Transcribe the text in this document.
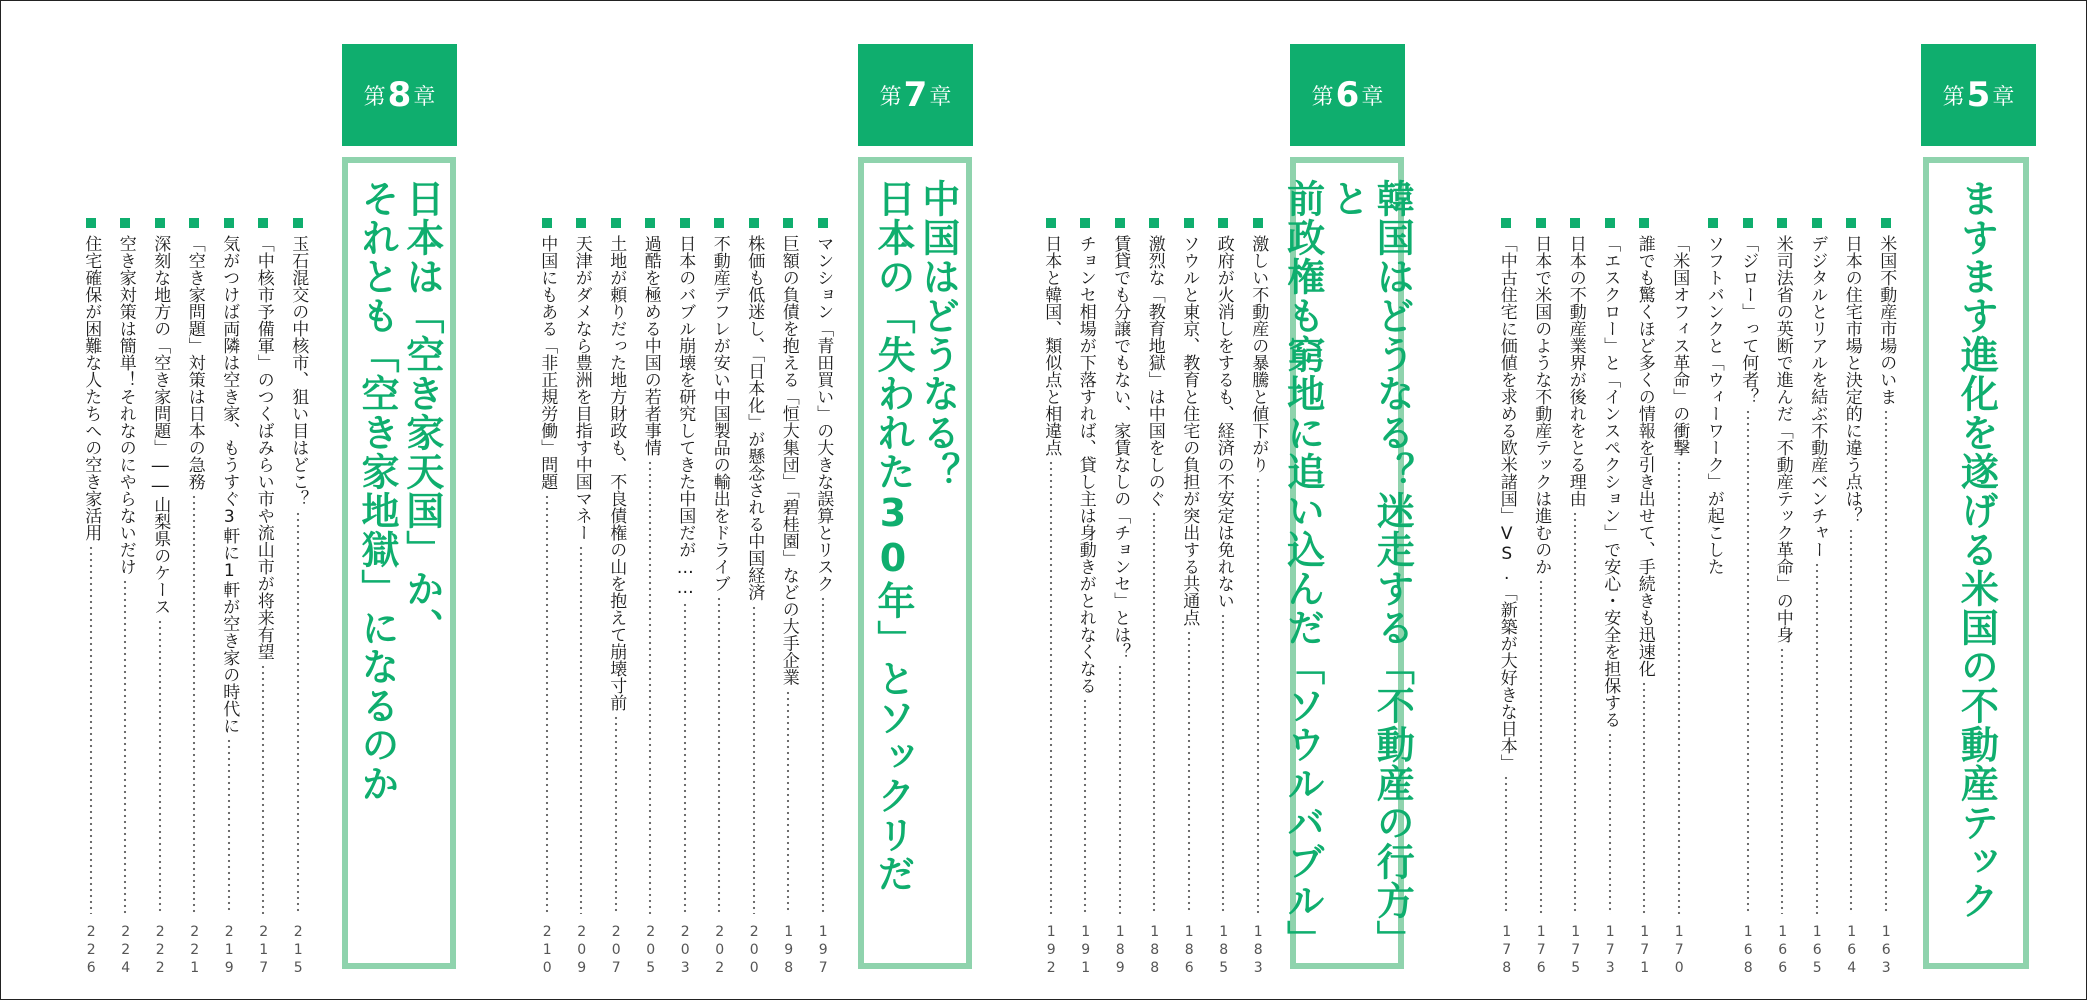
第 5 章
ますます進化を遂げる米国の不動産テック
米国不動産市場のいま
163
日本の住宅市場と決定的に違う点は？
164
デジタルとリアルを結ぶ不動産ベンチャー
165
米司法省の英断で進んだ「不動産テック革命」の中身
166
「ジロー」って何者？
168
ソフトバンクと「ウィーワーク」が起こした
「米国オフィス革命」の衝撃
170
誰でも驚くほど多くの情報を引き出せて、手続きも迅速化
171
「エスクロー」と「インスペクション」で安心・安全を担保する
173
日本の不動産業界が後れをとる理由
175
日本で米国のような不動産テックは進むのか
176
「中古住宅に価値を求める欧米諸国」VS.「新築が大好きな日本」
178
第 6 章
韓国はどうなる？迷走する「不動産の行方」と
前政権も窮地に追い込んだ「ソウルバブル」
激しい不動産の暴騰と値下がり
183
政府が火消しをするも、経済の不安定は免れない
185
ソウルと東京、教育と住宅の負担が突出する共通点
186
激烈な「教育地獄」は中国をしのぐ
188
賃貸でも分譲でもない、家賃なしの「チョンセ」とは？
189
チョンセ相場が下落すれば、貸し主は身動きがとれなくなる
191
日本と韓国、類似点と相違点
192
第 7 章
中国はどうなる？
日本の「失われた30年」とソックリだ
マンション「青田買い」の大きな誤算とリスク
197
巨額の負債を抱える「恒大集団」「碧桂園」などの大手企業
198
株価も低迷し、「日本化」が懸念される中国経済
200
不動産デフレが安い中国製品の輸出をドライブ
202
日本のバブル崩壊を研究してきた中国だが……
203
過酷を極める中国の若者事情
205
土地が頼りだった地方財政も、不良債権の山を抱えて崩壊寸前
207
天津がダメなら豊洲を目指す中国マネー
209
中国にもある「非正規労働」問題
210
第 8 章
日本は「空き家天国」か、
それとも「空き家地獄」になるのか
玉石混交の中核市、狙い目はどこ？
215
「中核市予備軍」のつくばみらい市や流山市が将来有望
217
気がつけば両隣は空き家、もうすぐ3軒に1軒が空き家の時代に
219
「空き家問題」対策は日本の急務
221
深刻な地方の「空き家問題」――山梨県のケース
222
空き家対策は簡単！それなのにやらないだけ
224
住宅確保が困難な人たちへの空き家活用
226
